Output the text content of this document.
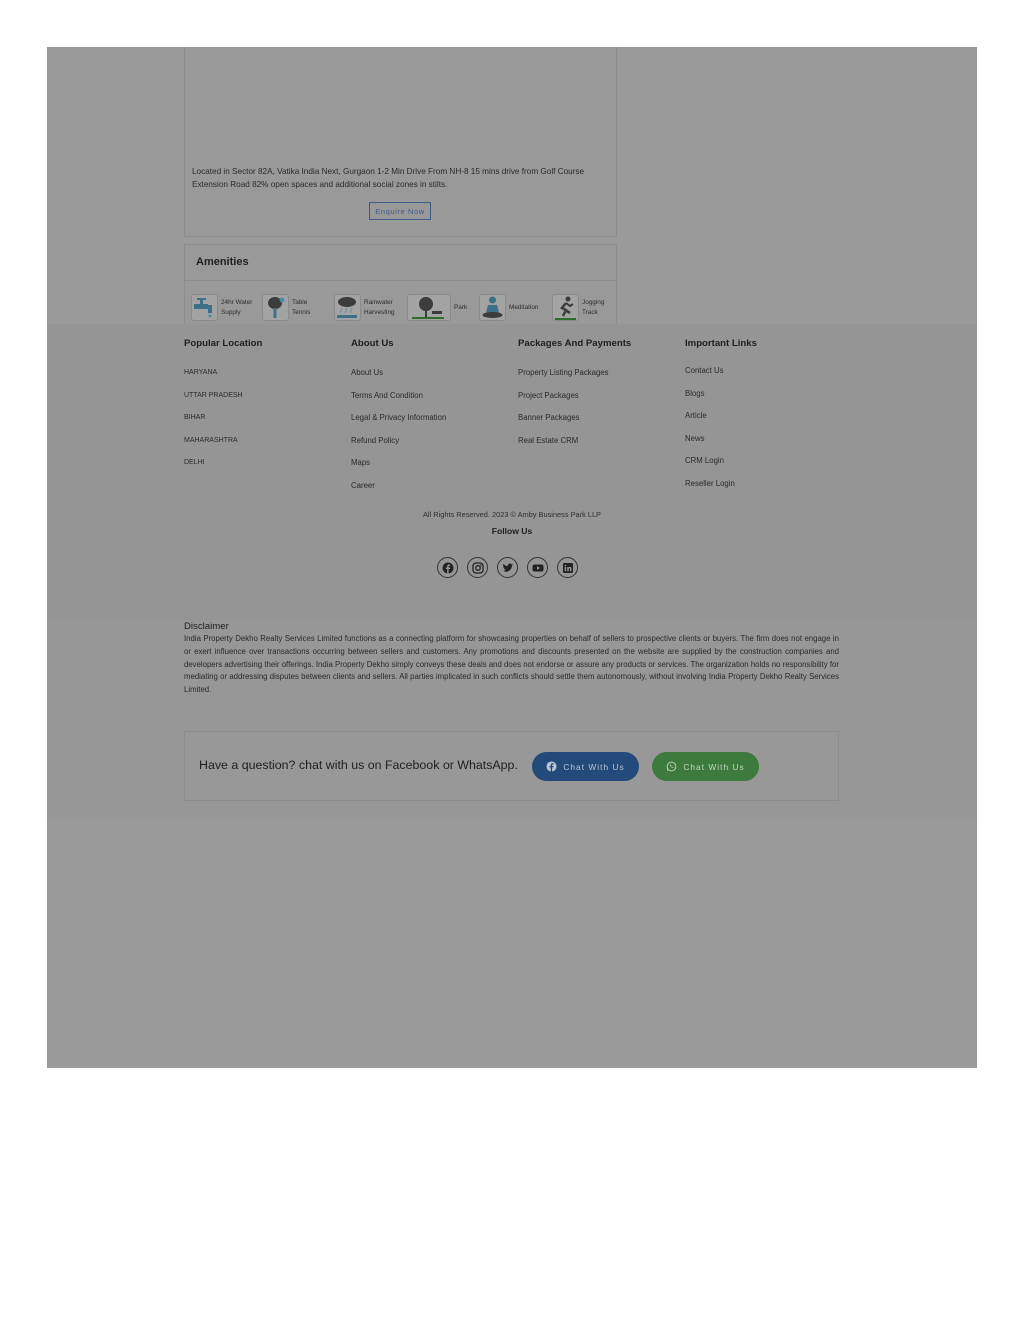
Located in Sector 82A, Vatika India Next, Gurgaon 1-2 Min Drive From NH-8 15 mins drive from Golf Course Extension Road 82% open spaces and additional social zones in stilts.

Enquire Now
Amenities
24hr Water Supply
Table Tennis
Rainwater Harvesting
Park	Meditation
Jogging Track
Popular Location
HARYANA
UTTAR PRADESH
BIHAR
MAHARASHTRA
DELHI
About Us
About Us
Terms And Condition
Legal & Privacy Information
Refund Policy
Maps
Career
Packages And Payments
Property Listing Packages
Project Packages
Banner Packages
Real Estate CRM
Important Links
Contact Us
Blogs
Article
News
CRM Login
Reseller Login
All Rights Reserved. 2023 © Amby Business Park LLP
Follow Us
Disclaimer

India Property Dekho Realty Services Limited functions as a connecting platform for showcasing properties on behalf of sellers to prospective clients or buyers. The firm does not engage in or exert influence over transactions occurring between sellers and customers. Any promotions and discounts presented on the website are supplied by the construction companies and developers advertising their offerings. India Property Dekho simply conveys these deals and does not endorse or assure any products or services. The organization holds no responsibility for mediating or addressing disputes between clients and sellers. All parties implicated in such conflicts should settle them autonomously, without involving India Property Dekho Realty Services Limited.

Have a question? chat with us on Facebook or WhatsApp.	Chat With Us	Chat With Us
